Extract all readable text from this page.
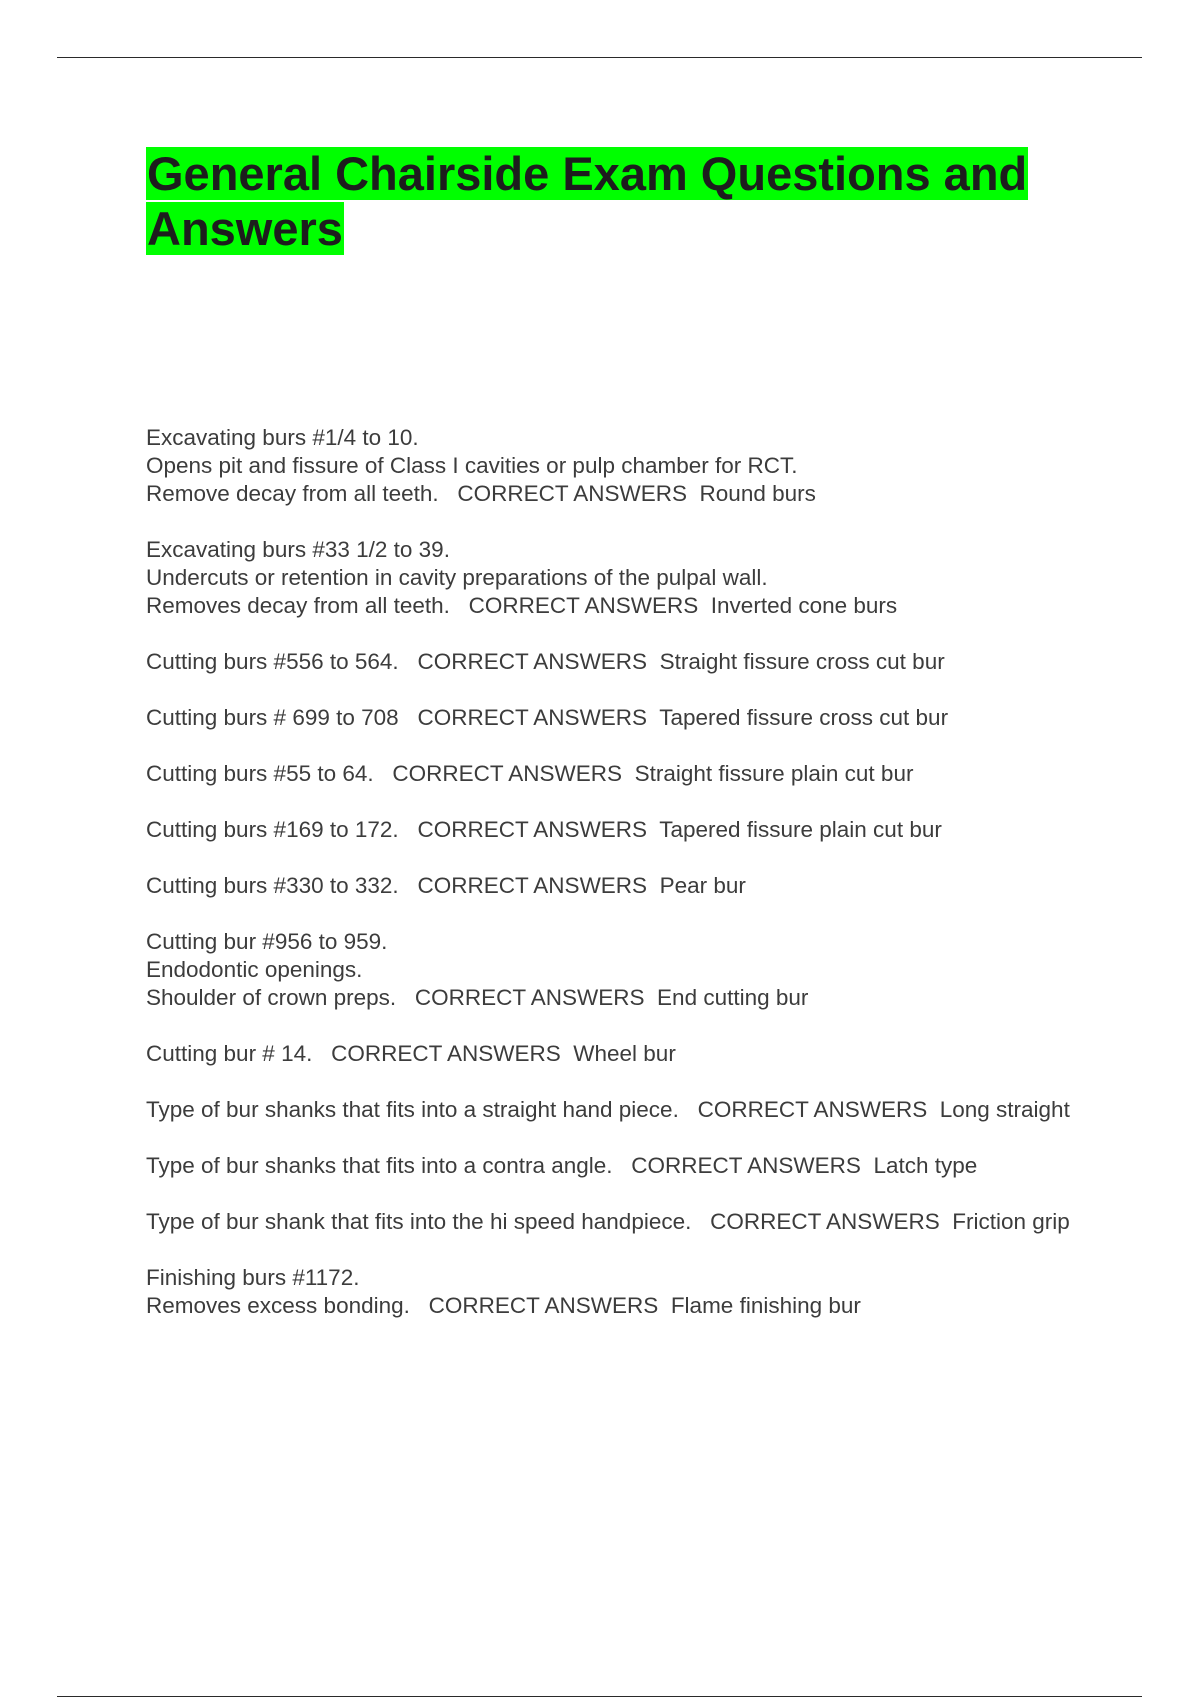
General Chairside Exam Questions and Answers
Excavating burs #1/4 to 10.
Opens pit and fissure of Class I cavities or pulp chamber for RCT.
Remove decay from all teeth. CORRECT ANSWERS Round burs
Excavating burs #33 1/2 to 39.
Undercuts or retention in cavity preparations of the pulpal wall.
Removes decay from all teeth. CORRECT ANSWERS Inverted cone burs
Cutting burs #556 to 564. CORRECT ANSWERS Straight fissure cross cut bur
Cutting burs # 699 to 708 CORRECT ANSWERS Tapered fissure cross cut bur
Cutting burs #55 to 64. CORRECT ANSWERS Straight fissure plain cut bur
Cutting burs #169 to 172. CORRECT ANSWERS Tapered fissure plain cut bur
Cutting burs #330 to 332. CORRECT ANSWERS Pear bur
Cutting bur #956 to 959.
Endodontic openings.
Shoulder of crown preps. CORRECT ANSWERS End cutting bur
Cutting bur # 14. CORRECT ANSWERS Wheel bur
Type of bur shanks that fits into a straight hand piece. CORRECT ANSWERS Long straight
Type of bur shanks that fits into a contra angle. CORRECT ANSWERS Latch type
Type of bur shank that fits into the hi speed handpiece. CORRECT ANSWERS Friction grip
Finishing burs #1172.
Removes excess bonding. CORRECT ANSWERS Flame finishing bur
